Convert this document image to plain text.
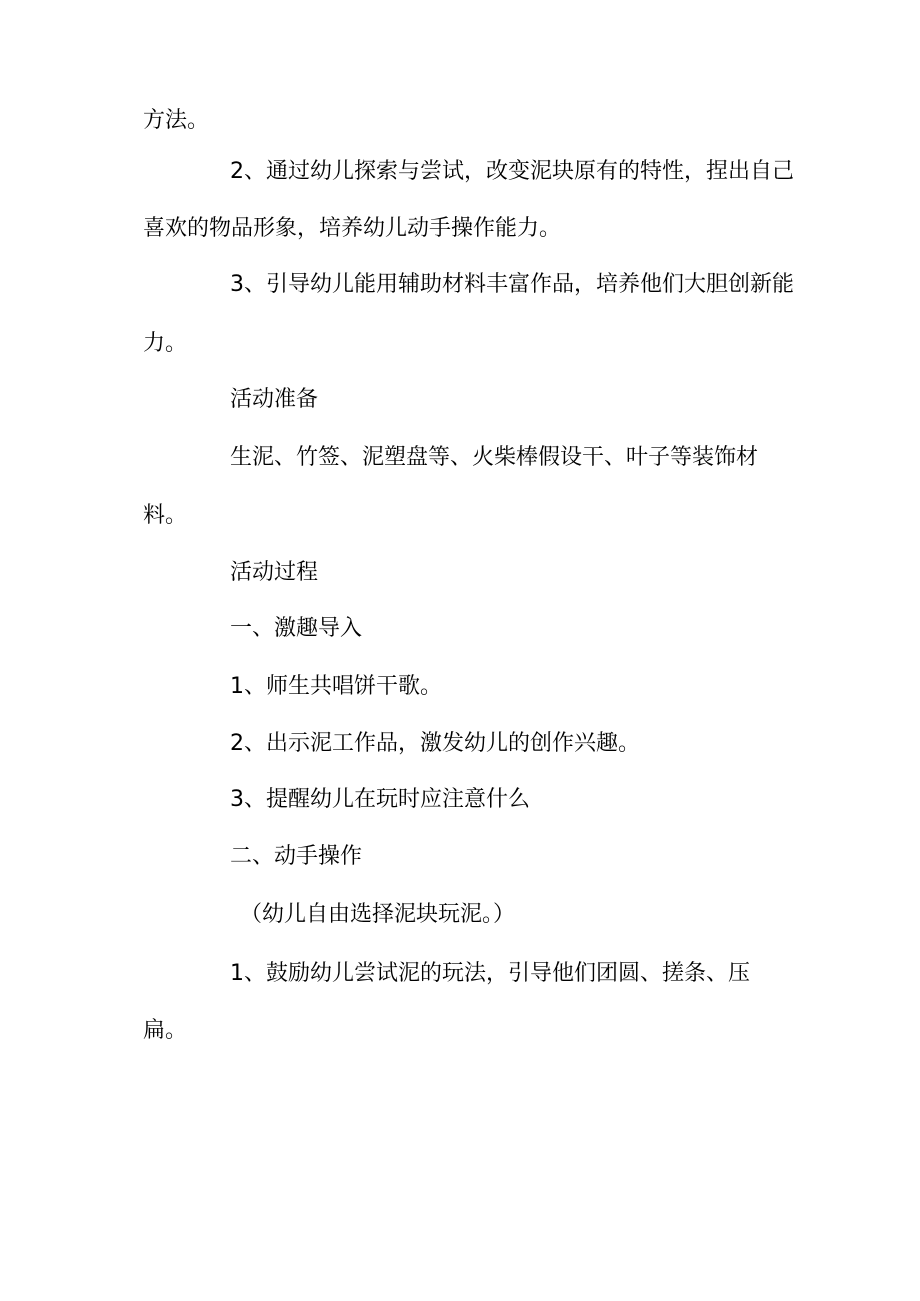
方法。
2、通过幼儿探索与尝试，改变泥块原有的特性，捏出自己
喜欢的物品形象，培养幼儿动手操作能力。
3、引导幼儿能用辅助材料丰富作品，培养他们大胆创新能
力。
活动准备
生泥、竹签、泥塑盘等、火柴棒假设干、叶子等装饰材
料。
活动过程
一、激趣导入
1、师生共唱饼干歌。
2、出示泥工作品，激发幼儿的创作兴趣。
3、提醒幼儿在玩时应注意什么
二、动手操作
（幼儿自由选择泥块玩泥。）
1、鼓励幼儿尝试泥的玩法，引导他们团圆、搓条、压
扁。
